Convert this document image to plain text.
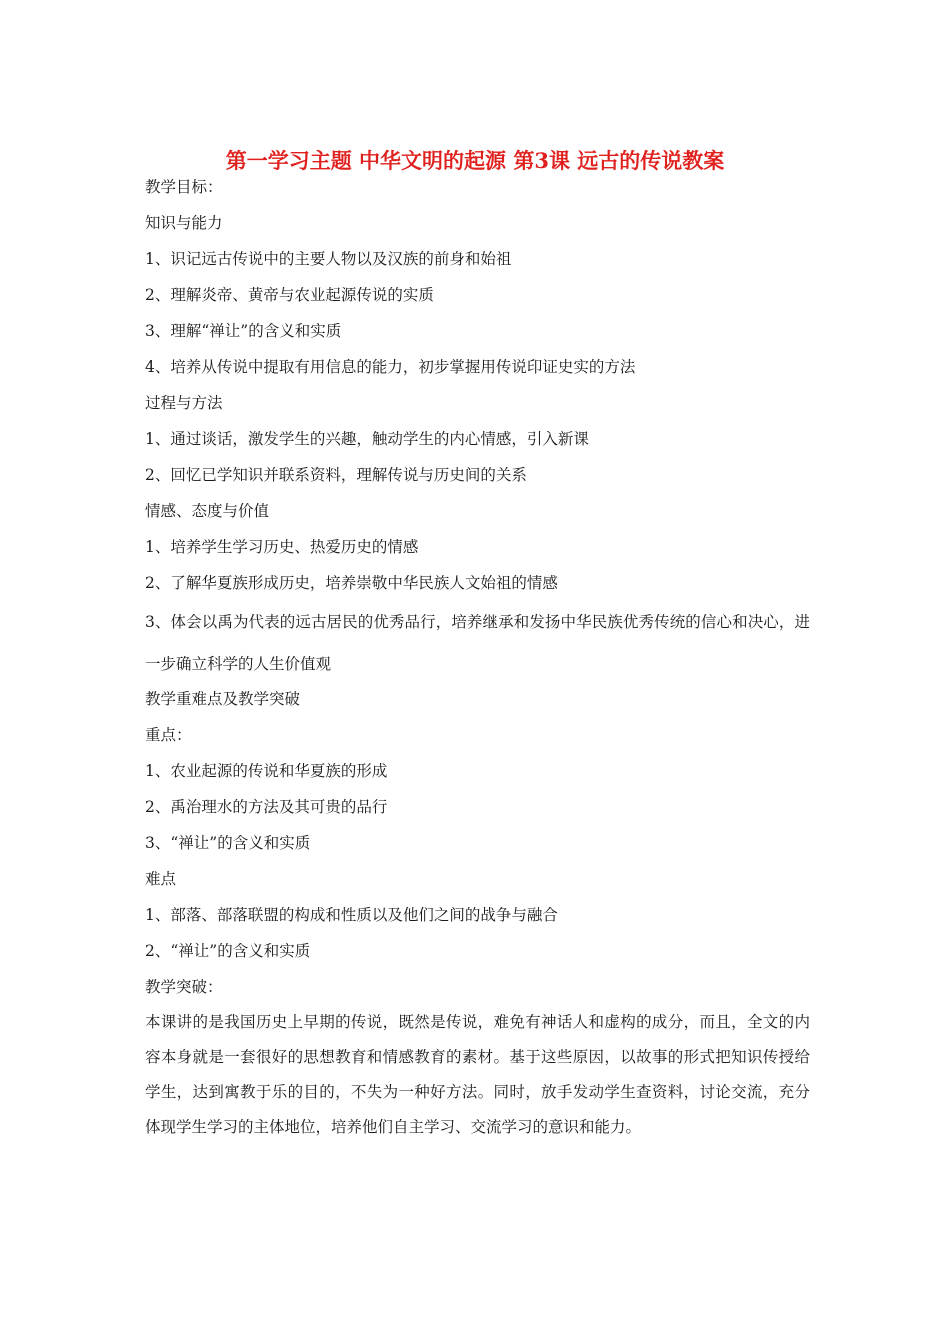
第一学习主题 中华文明的起源 第3课 远古的传说教案
教学目标：
知识与能力
1、识记远古传说中的主要人物以及汉族的前身和始祖
2、理解炎帝、黄帝与农业起源传说的实质
3、理解“禅让”的含义和实质
4、培养从传说中提取有用信息的能力，初步掌握用传说印证史实的方法
过程与方法
1、通过谈话，激发学生的兴趣，触动学生的内心情感，引入新课
2、回忆已学知识并联系资料，理解传说与历史间的关系
情感、态度与价值
1、培养学生学习历史、热爱历史的情感
2、了解华夏族形成历史，培养崇敬中华民族人文始祖的情感
3、体会以禹为代表的远古居民的优秀品行，培养继承和发扬中华民族优秀传统的信心和决心，进一步确立科学的人生价值观
教学重难点及教学突破
重点：
1、农业起源的传说和华夏族的形成
2、禹治理水的方法及其可贵的品行
3、“禅让”的含义和实质
难点
1、部落、部落联盟的构成和性质以及他们之间的战争与融合
2、“禅让”的含义和实质
教学突破：
本课讲的是我国历史上早期的传说，既然是传说，难免有神话人和虚构的成分，而且，全文的内容本身就是一套很好的思想教育和情感教育的素材。基于这些原因，以故事的形式把知识传授给学生，达到寓教于乐的目的，不失为一种好方法。同时，放手发动学生查资料，讨论交流，充分体现学生学习的主体地位，培养他们自主学习、交流学习的意识和能力。
